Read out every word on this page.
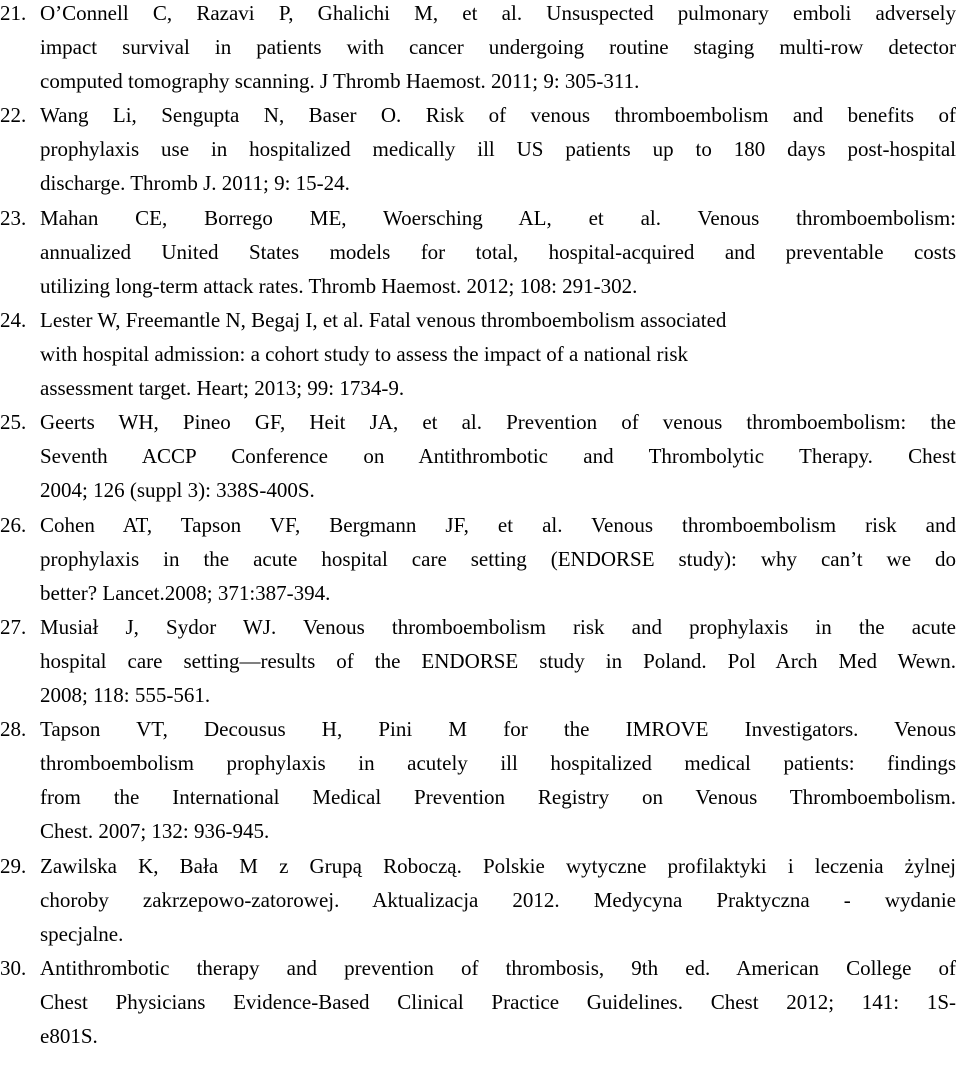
21. O’Connell C, Razavi P, Ghalichi M, et al. Unsuspected pulmonary emboli adversely
impact survival in patients with cancer undergoing routine staging multi-row detector
computed tomography scanning. J Thromb Haemost. 2011; 9: 305-311.
22. Wang Li, Sengupta N, Baser O. Risk of venous thromboembolism and benefits of
prophylaxis use in hospitalized medically ill US patients up to 180 days post-hospital
discharge. Thromb J. 2011; 9: 15-24.
23. Mahan CE, Borrego ME, Woersching AL, et al. Venous thromboembolism:
annualized United States models for total, hospital-acquired and preventable costs
utilizing long-term attack rates. Thromb Haemost. 2012; 108: 291-302.
24. Lester W, Freemantle N, Begaj I, et al. Fatal venous thromboembolism associated
with hospital admission: a cohort study to assess the impact of a national risk
assessment target. Heart; 2013; 99: 1734-9.
25. Geerts WH, Pineo GF, Heit JA, et al. Prevention of venous thromboembolism: the
Seventh ACCP Conference on Antithrombotic and Thrombolytic Therapy. Chest
2004; 126 (suppl 3): 338S-400S.
26. Cohen AT, Tapson VF, Bergmann JF, et al. Venous thromboembolism risk and
prophylaxis in the acute hospital care setting (ENDORSE study): why can’t we do
better? Lancet.2008; 371:387-394.
27. Musiał J, Sydor WJ. Venous thromboembolism risk and prophylaxis in the acute
hospital care setting—results of the ENDORSE study in Poland. Pol Arch Med Wewn.
2008; 118: 555-561.
28. Tapson VT, Decousus H, Pini M for the IMROVE Investigators. Venous
thromboembolism prophylaxis in acutely ill hospitalized medical patients: findings
from the International Medical Prevention Registry on Venous Thromboembolism.
Chest. 2007; 132: 936-945.
29. Zawilska K, Bała M z Grupą Roboczą. Polskie wytyczne profilaktyki i leczenia żylnej
choroby zakrzepowo-zatorowej. Aktualizacja 2012. Medycyna Praktyczna - wydanie
specjalne.
30. Antithrombotic therapy and prevention of thrombosis, 9th ed. American College of
Chest Physicians Evidence-Based Clinical Practice Guidelines. Chest 2012; 141: 1S-
e801S.
